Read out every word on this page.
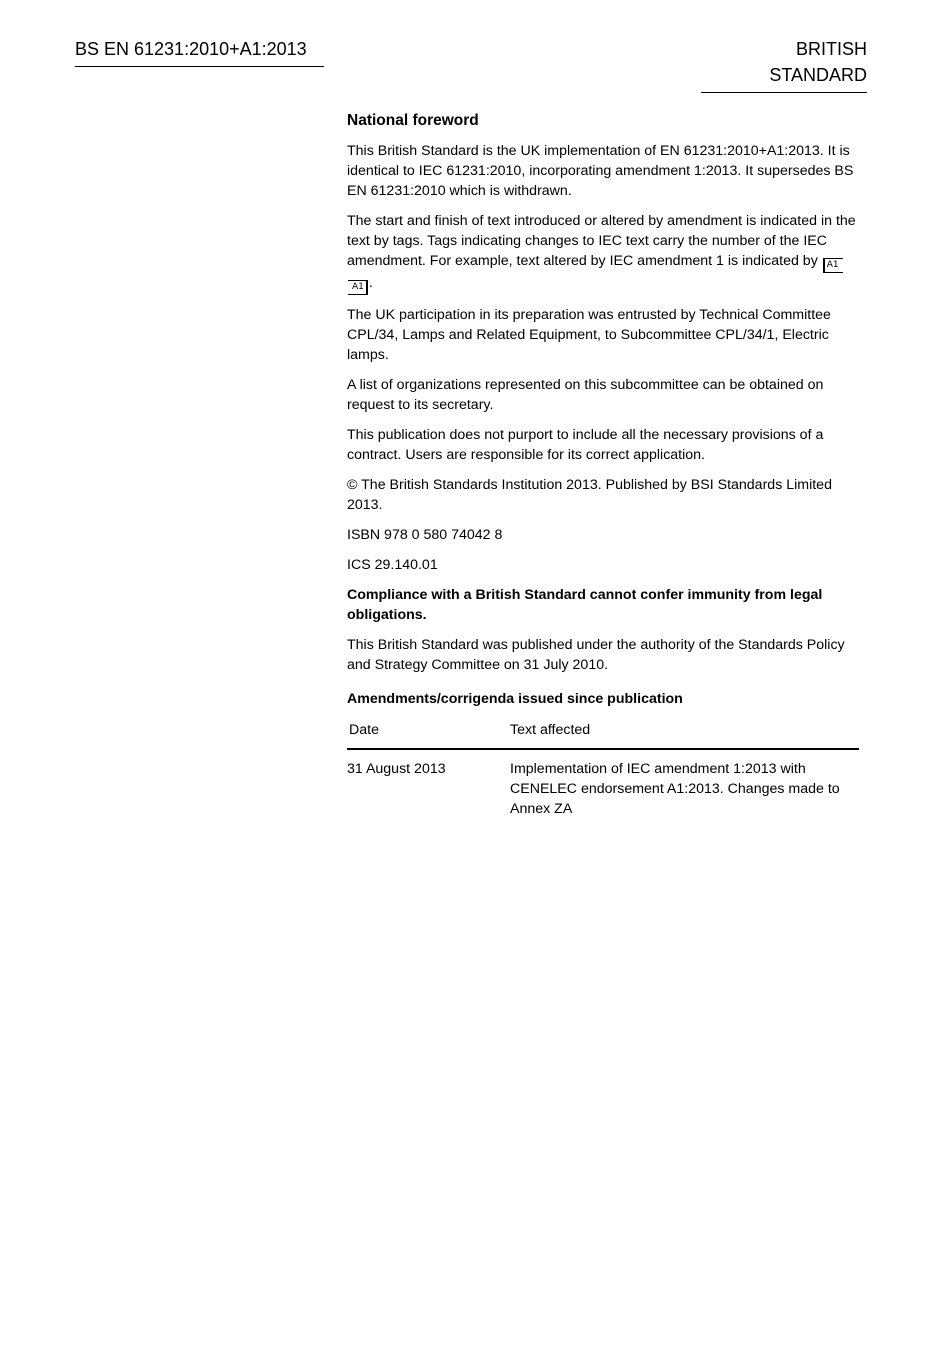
BS EN 61231:2010+A1:2013	BRITISH STANDARD
National foreword

This British Standard is the UK implementation of EN 61231:2010+A1:2013. It is identical to IEC 61231:2010, incorporating amendment 1:2013. It supersedes BS EN 61231:2010 which is withdrawn.

The start and finish of text introduced or altered by amendment is indicated in the text by tags. Tags indicating changes to IEC text carry the number of the IEC amendment. For example, text altered by IEC amendment 1 is indicated by A1 A1 .

The UK participation in its preparation was entrusted by Technical Committee CPL/34, Lamps and Related Equipment, to Subcommittee CPL/34/1, Electric lamps.

A list of organizations represented on this subcommittee can be obtained on request to its secretary.

This publication does not purport to include all the necessary provisions of a contract. Users are responsible for its correct application.

© The British Standards Institution 2013. Published by BSI Standards Limited 2013.

ISBN 978 0 580 74042 8

ICS 29.140.01

Compliance with a British Standard cannot confer immunity from legal obligations.

This British Standard was published under the authority of the Standards Policy and Strategy Committee on 31 July 2010.

Amendments/corrigenda issued since publication
Date	Text affected
31 August 2013	Implementation of IEC amendment 1:2013 with CENELEC endorsement A1:2013. Changes made to Annex ZA
